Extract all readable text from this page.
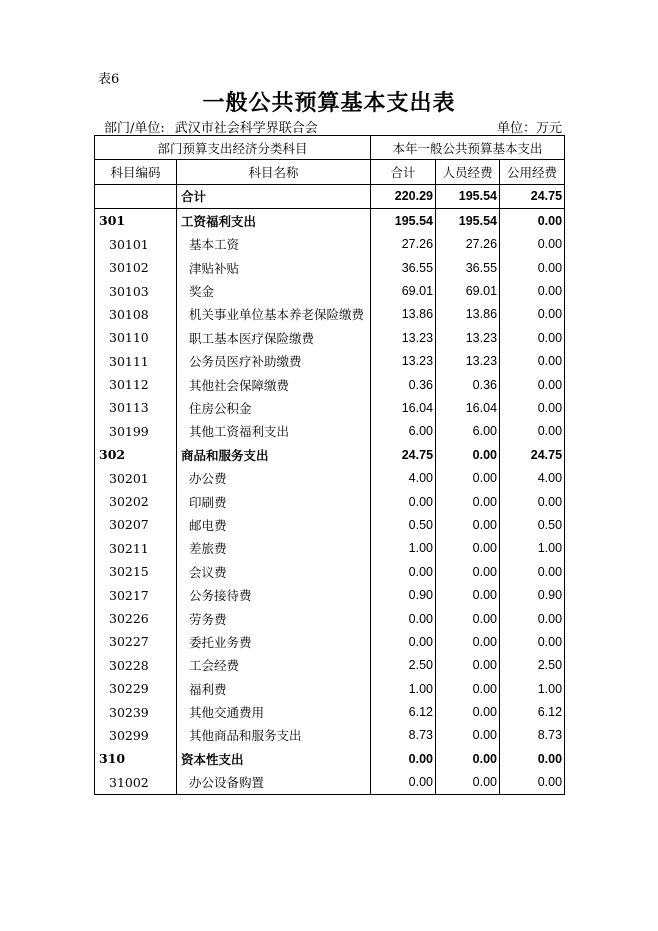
表6
一般公共预算基本支出表
部门/单位: 武汉市社会科学界联合会	单位：万元
部门预算支出经济分类科目		本年一般公共预算基本支出		
科目编码	科目名称	合计	人员经费	公用经费
	合计	220.29	195.54	24.75
301	工资福利支出	195.54	195.54	0.00
30101	基本工资	27.26	27.26	0.00
30102	津贴补贴	36.55	36.55	0.00
30103	奖金	69.01	69.01	0.00
30108	机关事业单位基本养老保险缴费	13.86	13.86	0.00
30110	职工基本医疗保险缴费	13.23	13.23	0.00
30111	公务员医疗补助缴费	13.23	13.23	0.00
30112	其他社会保障缴费	0.36	0.36	0.00
30113	住房公积金	16.04	16.04	0.00
30199	其他工资福利支出	6.00	6.00	0.00
302	商品和服务支出	24.75	0.00	24.75
30201	办公费	4.00	0.00	4.00
30202	印刷费	0.00	0.00	0.00
30207	邮电费	0.50	0.00	0.50
30211	差旅费	1.00	0.00	1.00
30215	会议费	0.00	0.00	0.00
30217	公务接待费	0.90	0.00	0.90
30226	劳务费	0.00	0.00	0.00
30227	委托业务费	0.00	0.00	0.00
30228	工会经费	2.50	0.00	2.50
30229	福利费	1.00	0.00	1.00
30239	其他交通费用	6.12	0.00	6.12
30299	其他商品和服务支出	8.73	0.00	8.73
310	资本性支出	0.00	0.00	0.00
31002	办公设备购置	0.00	0.00	0.00
